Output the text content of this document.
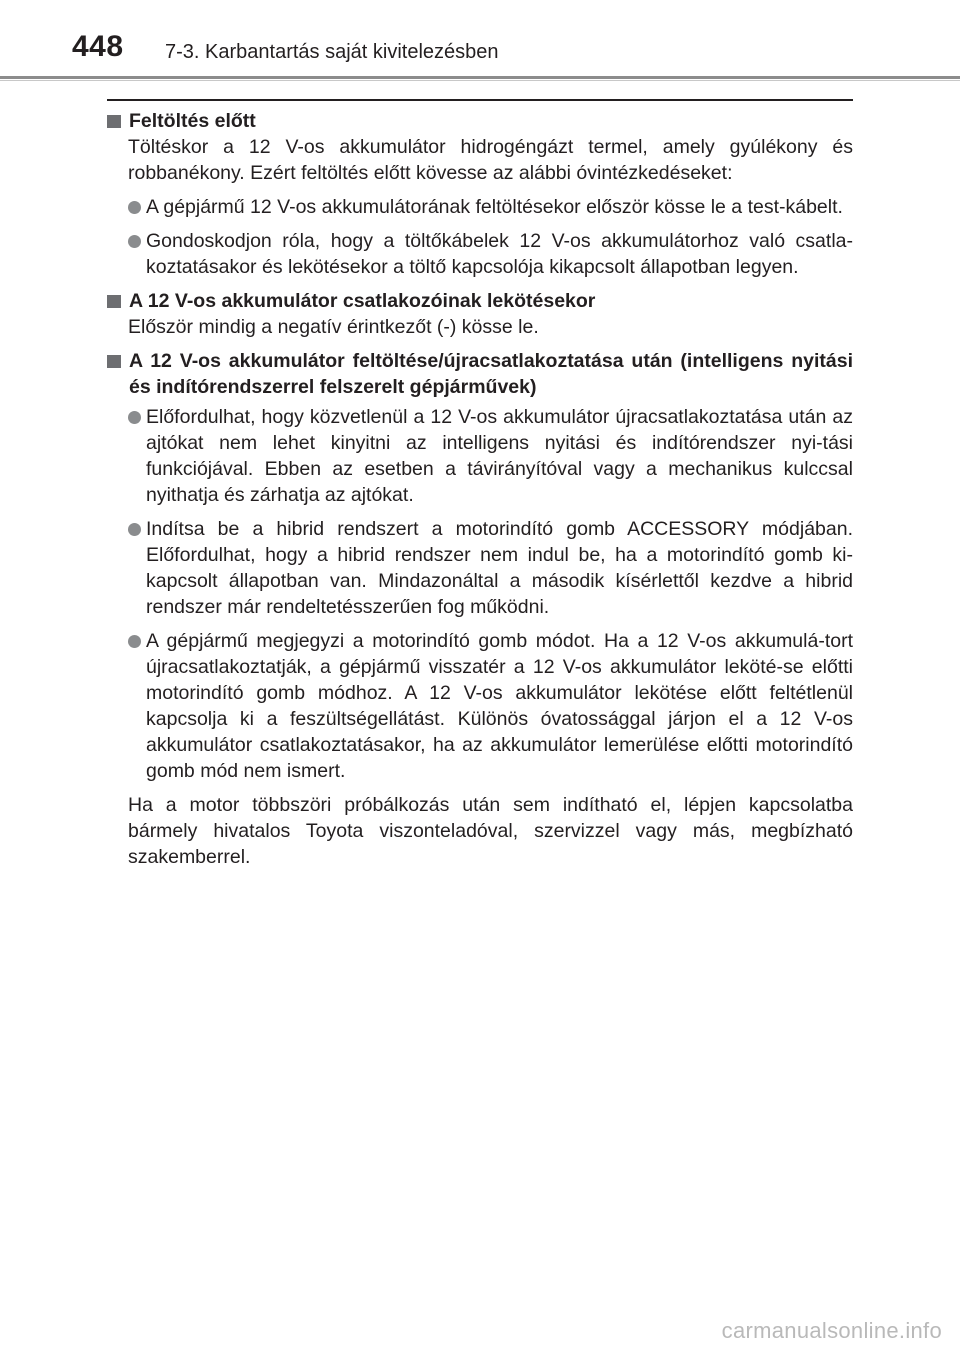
448 7-3. Karbantartás saját kivitelezésben
Feltöltés előtt
Töltéskor a 12 V-os akkumulátor hidrogéngázt termel, amely gyúlékony és robbanékony. Ezért feltöltés előtt kövesse az alábbi óvintézkedéseket:
A gépjármű 12 V-os akkumulátorának feltöltésekor először kösse le a test-kábelt.
Gondoskodjon róla, hogy a töltőkábelek 12 V-os akkumulátorhoz való csatla-koztatásakor és lekötésekor a töltő kapcsolója kikapcsolt állapotban legyen.
A 12 V-os akkumulátor csatlakozóinak lekötésekor
Először mindig a negatív érintkezőt (-) kösse le.
A 12 V-os akkumulátor feltöltése/újracsatlakoztatása után (intelligens nyitási és indítórendszerrel felszerelt gépjárművek)
Előfordulhat, hogy közvetlenül a 12 V-os akkumulátor újracsatlakoztatása után az ajtókat nem lehet kinyitni az intelligens nyitási és indítórendszer nyi-tási funkciójával. Ebben az esetben a távirányítóval vagy a mechanikus kulccsal nyithatja és zárhatja az ajtókat.
Indítsa be a hibrid rendszert a motorindító gomb ACCESSORY módjában. Előfordulhat, hogy a hibrid rendszer nem indul be, ha a motorindító gomb ki-kapcsolt állapotban van. Mindazonáltal a második kísérlettől kezdve a hibrid rendszer már rendeltetésszerűen fog működni.
A gépjármű megjegyzi a motorindító gomb módot. Ha a 12 V-os akkumulá-tort újracsatlakoztatják, a gépjármű visszatér a 12 V-os akkumulátor leköté-se előtti motorindító gomb módhoz. A 12 V-os akkumulátor lekötése előtt feltétlenül kapcsolja ki a feszültségellátást. Különös óvatossággal járjon el a 12 V-os akkumulátor csatlakoztatásakor, ha az akkumulátor lemerülése előtti motorindító gomb mód nem ismert.
Ha a motor többszöri próbálkozás után sem indítható el, lépjen kapcsolatba bármely hivatalos Toyota viszonteladóval, szervizzel vagy más, megbízható szakemberrel.
carmanualsonline.info
